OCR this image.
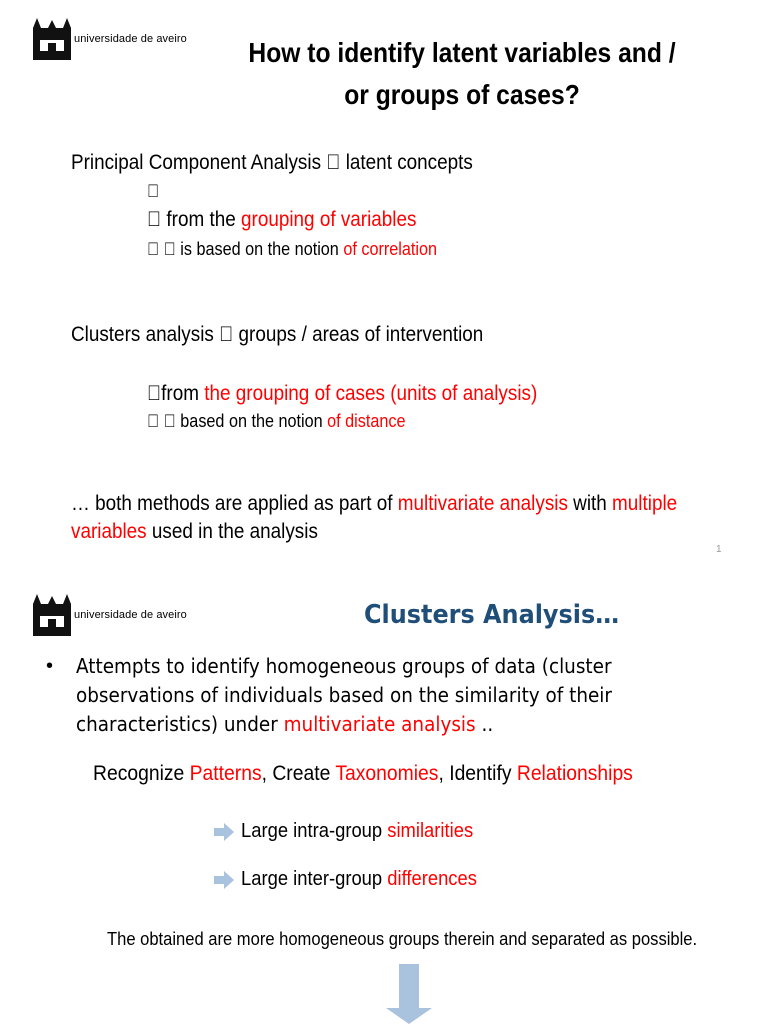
universidade de aveiro	How to identify latent variables and /
or groups of cases?
Principal Component Analysis latent concepts
from the grouping of variables
is based on the notion of correlation
Clusters analysis groups / areas of intervention
from the grouping of cases (units of analysis)
based on the notion of distance
… both methods are applied as part of multivariate analysis with multiple
variables used in the analysis
1
universidade de aveiro	Clusters Analysis…
• Attempts to identify homogeneous groups of data (cluster
observations of individuals based on the similarity of their
characteristics) under multivariate analysis ..
Recognize Patterns, Create Taxonomies, Identify Relationships
Large intra-group similarities
Large inter-group differences
The obtained are more homogeneous groups therein and separated as possible.
